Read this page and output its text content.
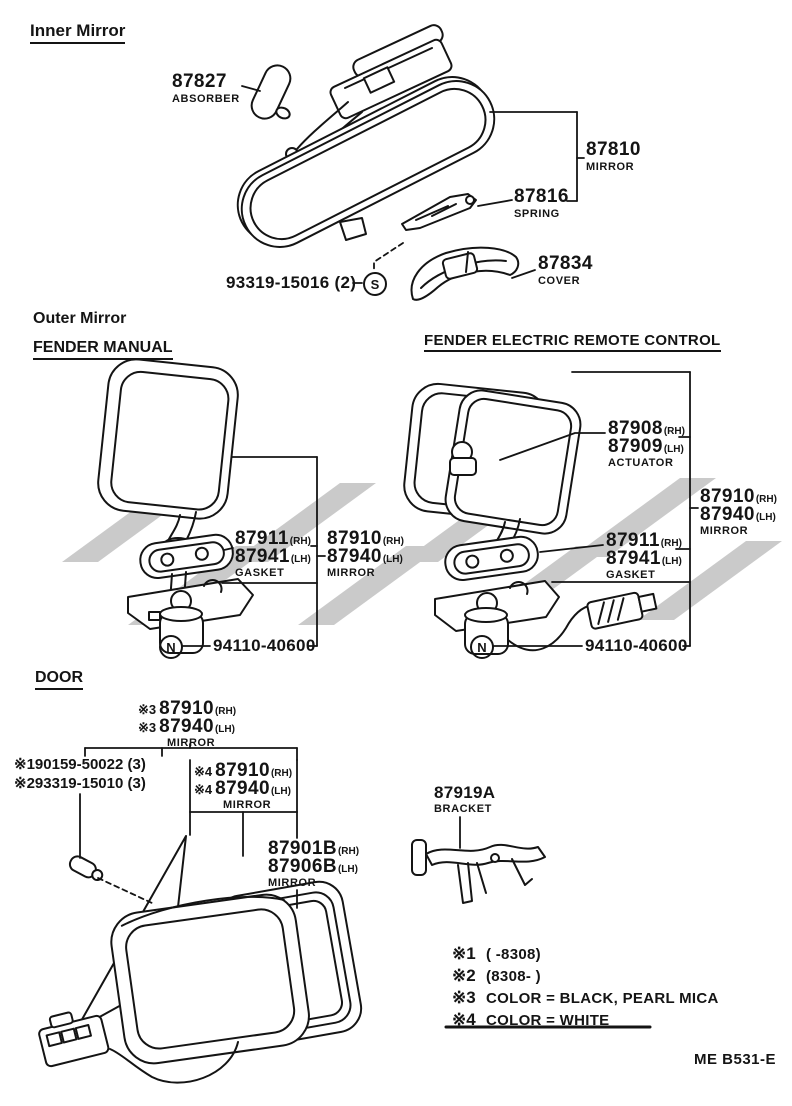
Inner Mirror
Outer Mirror
FENDER MANUAL	FENDER ELECTRIC REMOTE CONTROL
DOOR
87827
ABSORBER
87810
MIRROR
87816
SPRING
87834
COVER
93319-15016 (2)	S
87911 (RH)
87941 (LH)
GASKET
87910 (RH)
87940 (LH)
MIRROR
N	94110-40600
87908 (RH)
87909 (LH)
ACTUATOR
87910 (RH)
87940 (LH)
MIRROR
87911 (RH)
87941 (LH)
GASKET
N	94110-40600
※3 87910 (RH)
※3 87940 (LH)
MIRROR
※190159-50022 (3)
※293319-15010 (3)
※4 87910 (RH)
※4 87940 (LH)
MIRROR
87901B (RH)
87906B (LH)
MIRROR
87919A
BRACKET
※1 ( -8308)
※2 (8308- )
※3 COLOR = BLACK, PEARL MICA
※4 COLOR = WHITE
ME B531-E
